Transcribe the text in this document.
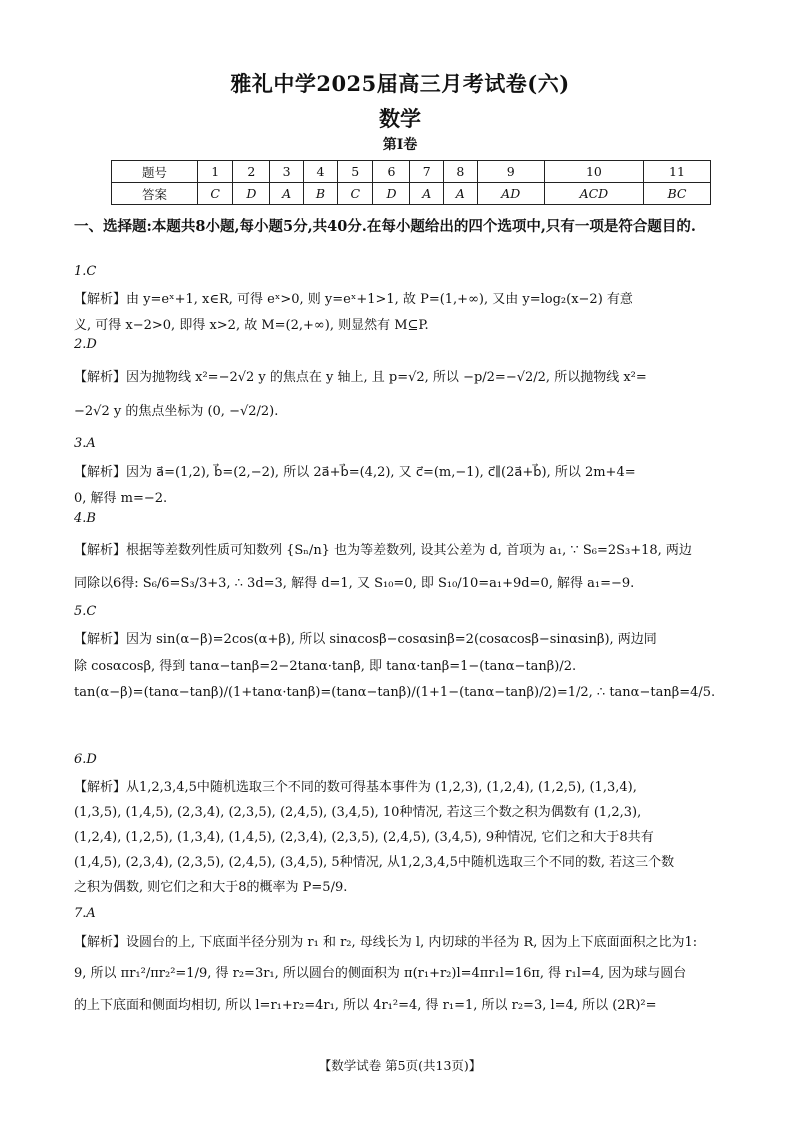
雅礼中学2025届高三月考试卷(六)
数学
第I卷
题号	1	2	3	4	5	6	7	8	9	10	11
答案	C	D	A	B	C	D	A	A	AD	ACD	BC
一、选择题:本题共8小题,每小题5分,共40分.在每小题给出的四个选项中,只有一项是符合题目的.
1.C
【解析】由 y=eˣ+1, x∈R, 可得 eˣ>0, 则 y=eˣ+1>1, 故 P=(1,+∞), 又由 y=log₂(x−2) 有意
义, 可得 x−2>0, 即得 x>2, 故 M=(2,+∞), 则显然有 M⊆P.
2.D
【解析】因为抛物线 x²=−2√2 y 的焦点在 y 轴上, 且 p=√2, 所以 −p/2=−√2/2, 所以抛物线 x²=
−2√2 y 的焦点坐标为 (0, −√2/2).
3.A
【解析】因为 a⃗=(1,2), b⃗=(2,−2), 所以 2a⃗+b⃗=(4,2), 又 c⃗=(m,−1), c⃗∥(2a⃗+b⃗), 所以 2m+4=
0, 解得 m=−2.
4.B
【解析】根据等差数列性质可知数列 {Sₙ/n} 也为等差数列, 设其公差为 d, 首项为 a₁, ∵ S₆=2S₃+18, 两边
同除以6得: S₆/6=S₃/3+3, ∴ 3d=3, 解得 d=1, 又 S₁₀=0, 即 S₁₀/10=a₁+9d=0, 解得 a₁=−9.
5.C
【解析】因为 sin(α−β)=2cos(α+β), 所以 sinαcosβ−cosαsinβ=2(cosαcosβ−sinαsinβ), 两边同
除 cosαcosβ, 得到 tanα−tanβ=2−2tanα·tanβ, 即 tanα·tanβ=1−(tanα−tanβ)/2.
tan(α−β)=(tanα−tanβ)/(1+tanα·tanβ)=(tanα−tanβ)/(1+1−(tanα−tanβ)/2)=1/2, ∴ tanα−tanβ=4/5.
6.D
【解析】从1,2,3,4,5中随机选取三个不同的数可得基本事件为 (1,2,3), (1,2,4), (1,2,5), (1,3,4),
(1,3,5), (1,4,5), (2,3,4), (2,3,5), (2,4,5), (3,4,5), 10种情况, 若这三个数之积为偶数有 (1,2,3),
(1,2,4), (1,2,5), (1,3,4), (1,4,5), (2,3,4), (2,3,5), (2,4,5), (3,4,5), 9种情况, 它们之和大于8共有
(1,4,5), (2,3,4), (2,3,5), (2,4,5), (3,4,5), 5种情况, 从1,2,3,4,5中随机选取三个不同的数, 若这三个数
之积为偶数, 则它们之和大于8的概率为 P=5/9.
7.A
【解析】设圆台的上, 下底面半径分别为 r₁ 和 r₂, 母线长为 l, 内切球的半径为 R, 因为上下底面面积之比为1:
9, 所以 πr₁²/πr₂²=1/9, 得 r₂=3r₁, 所以圆台的侧面积为 π(r₁+r₂)l=4πr₁l=16π, 得 r₁l=4, 因为球与圆台
的上下底面和侧面均相切, 所以 l=r₁+r₂=4r₁, 所以 4r₁²=4, 得 r₁=1, 所以 r₂=3, l=4, 所以 (2R)²=
【数学试卷 第5页(共13页)】
